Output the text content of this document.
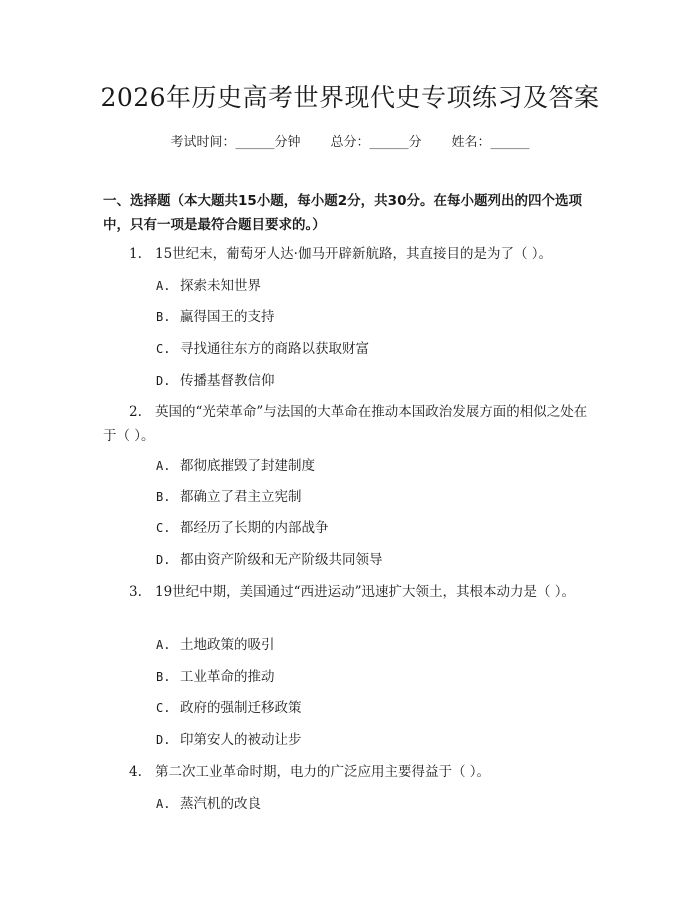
2026年历史高考世界现代史专项练习及答案
考试时间：______分钟 总分：______分 姓名：______
一、选择题（本大题共15小题，每小题2分，共30分。在每小题列出的四个选项中，只有一项是最符合题目要求的。）
1. 15世纪末，葡萄牙人达·伽马开辟新航路，其直接目的是为了（ ）。
A. 探索未知世界
B. 赢得国王的支持
C. 寻找通往东方的商路以获取财富
D. 传播基督教信仰
2. 英国的“光荣革命”与法国的大革命在推动本国政治发展方面的相似之处在于（ ）。
A. 都彻底摧毁了封建制度
B. 都确立了君主立宪制
C. 都经历了长期的内部战争
D. 都由资产阶级和无产阶级共同领导
3. 19世纪中期，美国通过“西进运动”迅速扩大领土，其根本动力是（ ）。
A. 土地政策的吸引
B. 工业革命的推动
C. 政府的强制迁移政策
D. 印第安人的被动让步
4. 第二次工业革命时期，电力的广泛应用主要得益于（ ）。
A. 蒸汽机的改良
